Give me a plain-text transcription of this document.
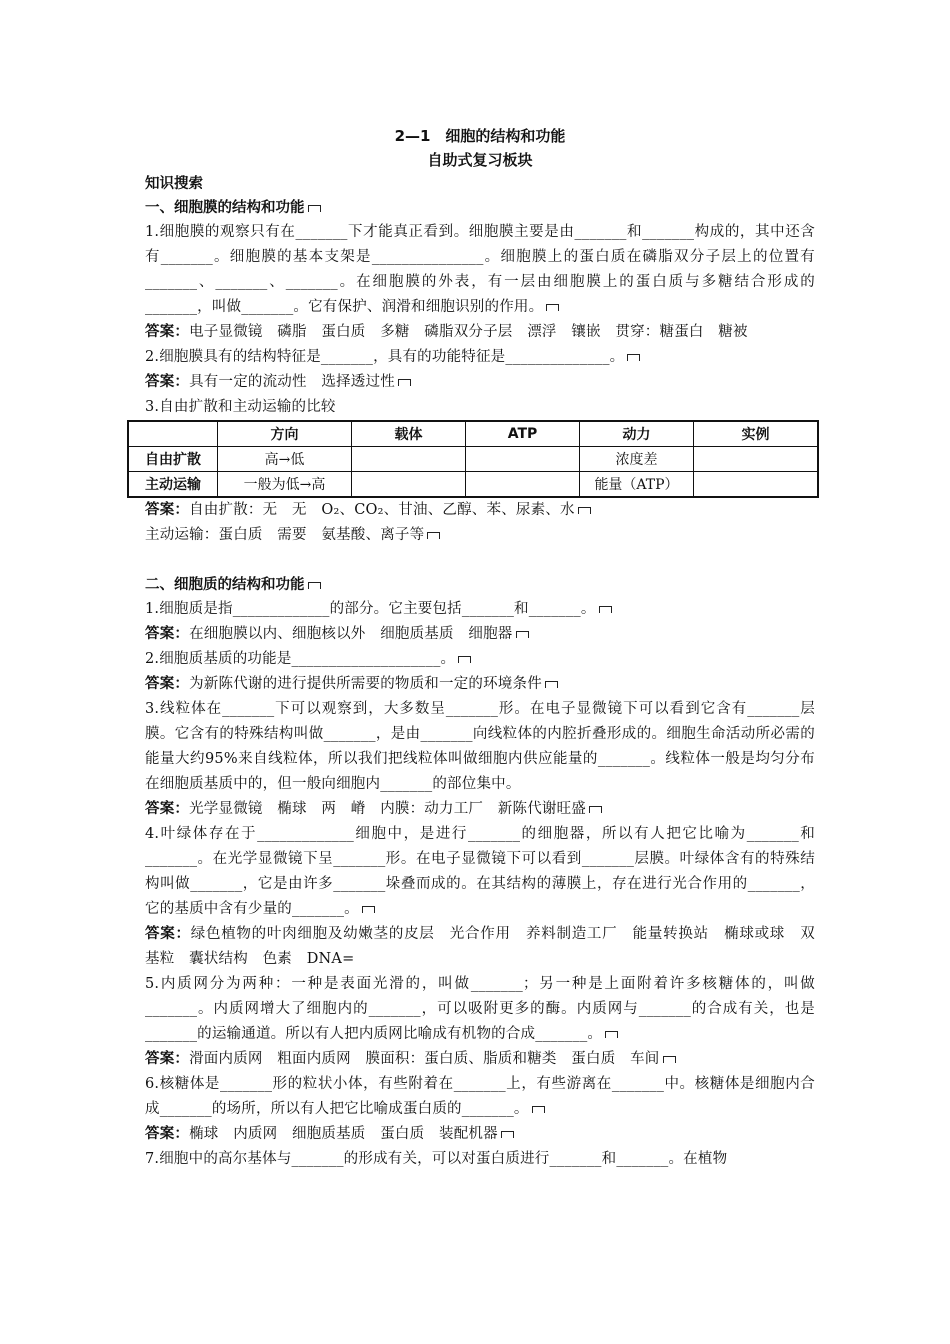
2—1　细胞的结构和功能

自助式复习板块

知识搜索

一、细胞膜的结构和功能

1.细胞膜的观察只有在_______下才能真正看到。细胞膜主要是由_______和_______构成的，其中还含有_______。细胞膜的基本支架是_______________。细胞膜上的蛋白质在磷脂双分子层上的位置有_______、_______、_______。在细胞膜的外表，有一层由细胞膜上的蛋白质与多糖结合形成的_______，叫做_______。它有保护、润滑和细胞识别的作用。

答案：电子显微镜　磷脂　蛋白质　多糖　磷脂双分子层　漂浮　镶嵌　贯穿：糖蛋白　糖被

2.细胞膜具有的结构特征是_______，具有的功能特征是______________。

答案：具有一定的流动性　选择透过性

3.自由扩散和主动运输的比较

	方向	载体	ATP	动力	实例
自由扩散	高→低			浓度差	
主动运输	一般为低→高			能量（ATP）	

答案：自由扩散：无　无　O₂、CO₂、甘油、乙醇、苯、尿素、水

主动运输：蛋白质　需要　氨基酸、离子等

二、细胞质的结构和功能

1.细胞质是指_____________的部分。它主要包括_______和_______。

答案：在细胞膜以内、细胞核以外　细胞质基质　细胞器

2.细胞质基质的功能是____________________。

答案：为新陈代谢的进行提供所需要的物质和一定的环境条件

3.线粒体在_______下可以观察到，大多数呈_______形。在电子显微镜下可以看到它含有_______层膜。它含有的特殊结构叫做_______，是由_______向线粒体的内腔折叠形成的。细胞生命活动所必需的能量大约95%来自线粒体，所以我们把线粒体叫做细胞内供应能量的_______。线粒体一般是均匀分布在细胞质基质中的，但一般向细胞内_______的部位集中。

答案：光学显微镜　椭球　两　嵴　内膜：动力工厂　新陈代谢旺盛

4.叶绿体存在于_____________细胞中，是进行_______的细胞器，所以有人把它比喻为_______和_______。在光学显微镜下呈_______形。在电子显微镜下可以看到_______层膜。叶绿体含有的特殊结构叫做_______，它是由许多_______垛叠而成的。在其结构的薄膜上，存在进行光合作用的_______，它的基质中含有少量的_______。

答案：绿色植物的叶肉细胞及幼嫩茎的皮层　光合作用　养料制造工厂　能量转换站　椭球或球　双　基粒　囊状结构　色素　DNA=

5.内质网分为两种：一种是表面光滑的，叫做_______；另一种是上面附着许多核糖体的，叫做_______。内质网增大了细胞内的_______，可以吸附更多的酶。内质网与_______的合成有关，也是_______的运输通道。所以有人把内质网比喻成有机物的合成_______。

答案：滑面内质网　粗面内质网　膜面积：蛋白质、脂质和糖类　蛋白质　车间

6.核糖体是_______形的粒状小体，有些附着在_______上，有些游离在_______中。核糖体是细胞内合成_______的场所，所以有人把它比喻成蛋白质的_______。

答案：椭球　内质网　细胞质基质　蛋白质　装配机器

7.细胞中的高尔基体与_______的形成有关，可以对蛋白质进行_______和_______。在植物
